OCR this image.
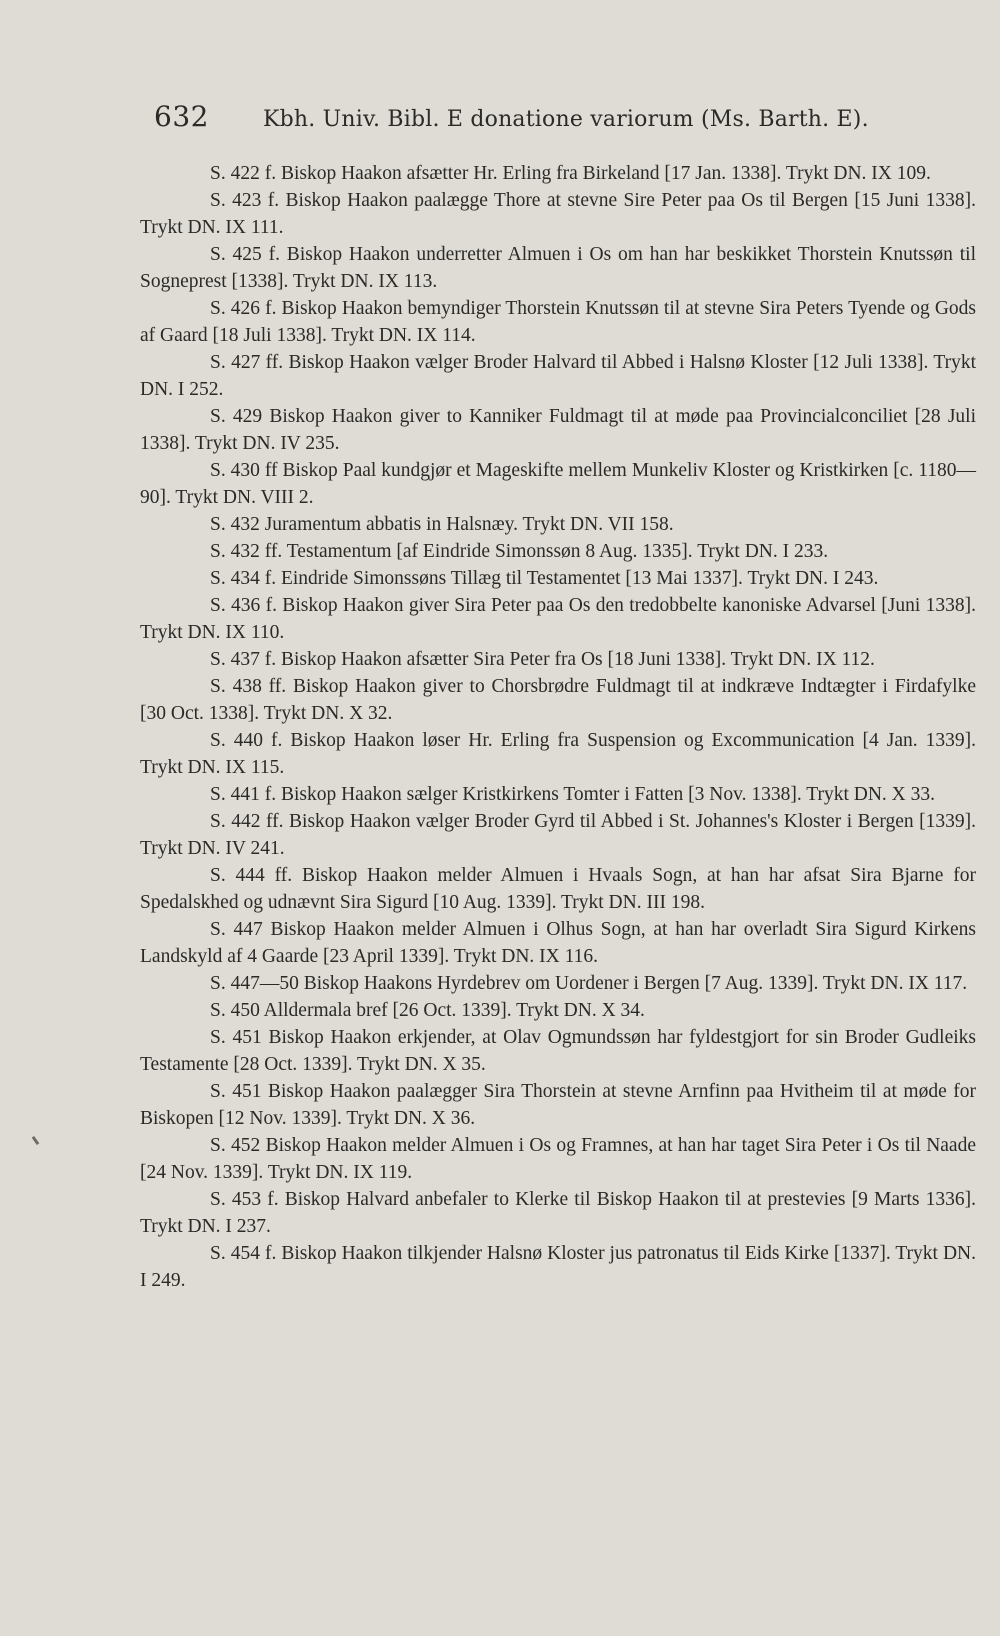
632 Kbh. Univ. Bibl. E donatione variorum (Ms. Barth. E).

S. 422 f. Biskop Haakon afsætter Hr. Erling fra Birkeland [17 Jan. 1338]. Trykt DN. IX 109.

S. 423 f. Biskop Haakon paalægge Thore at stevne Sire Peter paa Os til Bergen [15 Juni 1338]. Trykt DN. IX 111.

S. 425 f. Biskop Haakon underretter Almuen i Os om han har beskikket Thorstein Knutssøn til Sogneprest [1338]. Trykt DN. IX 113.

S. 426 f. Biskop Haakon bemyndiger Thorstein Knutssøn til at stevne Sira Peters Tyende og Gods af Gaard [18 Juli 1338]. Trykt DN. IX 114.

S. 427 ff. Biskop Haakon vælger Broder Halvard til Abbed i Halsnø Kloster [12 Juli 1338]. Trykt DN. I 252.

S. 429 Biskop Haakon giver to Kanniker Fuldmagt til at møde paa Provincialconciliet [28 Juli 1338]. Trykt DN. IV 235.

S. 430 ff Biskop Paal kundgjør et Mageskifte mellem Munkeliv Kloster og Kristkirken [c. 1180—90]. Trykt DN. VIII 2.

S. 432 Juramentum abbatis in Halsnæy. Trykt DN. VII 158.

S. 432 ff. Testamentum [af Eindride Simonssøn 8 Aug. 1335]. Trykt DN. I 233.

S. 434 f. Eindride Simonssøns Tillæg til Testamentet [13 Mai 1337]. Trykt DN. I 243.

S. 436 f. Biskop Haakon giver Sira Peter paa Os den tredobbelte kanoniske Advarsel [Juni 1338]. Trykt DN. IX 110.

S. 437 f. Biskop Haakon afsætter Sira Peter fra Os [18 Juni 1338]. Trykt DN. IX 112.

S. 438 ff. Biskop Haakon giver to Chorsbrødre Fuldmagt til at indkræve Indtægter i Firdafylke [30 Oct. 1338]. Trykt DN. X 32.

S. 440 f. Biskop Haakon løser Hr. Erling fra Suspension og Excommunication [4 Jan. 1339]. Trykt DN. IX 115.

S. 441 f. Biskop Haakon sælger Kristkirkens Tomter i Fatten [3 Nov. 1338]. Trykt DN. X 33.

S. 442 ff. Biskop Haakon vælger Broder Gyrd til Abbed i St. Johannes's Kloster i Bergen [1339]. Trykt DN. IV 241.

S. 444 ff. Biskop Haakon melder Almuen i Hvaals Sogn, at han har afsat Sira Bjarne for Spedalskhed og udnævnt Sira Sigurd [10 Aug. 1339]. Trykt DN. III 198.

S. 447 Biskop Haakon melder Almuen i Olhus Sogn, at han har overladt Sira Sigurd Kirkens Landskyld af 4 Gaarde [23 April 1339]. Trykt DN. IX 116.

S. 447—50 Biskop Haakons Hyrdebrev om Uordener i Bergen [7 Aug. 1339]. Trykt DN. IX 117.

S. 450 Alldermala bref [26 Oct. 1339]. Trykt DN. X 34.

S. 451 Biskop Haakon erkjender, at Olav Ogmundssøn har fyldestgjort for sin Broder Gudleiks Testamente [28 Oct. 1339]. Trykt DN. X 35.

S. 451 Biskop Haakon paalægger Sira Thorstein at stevne Arnfinn paa Hvitheim til at møde for Biskopen [12 Nov. 1339]. Trykt DN. X 36.

S. 452 Biskop Haakon melder Almuen i Os og Framnes, at han har taget Sira Peter i Os til Naade [24 Nov. 1339]. Trykt DN. IX 119.

S. 453 f. Biskop Halvard anbefaler to Klerke til Biskop Haakon til at prestevies [9 Marts 1336]. Trykt DN. I 237.

S. 454 f. Biskop Haakon tilkjender Halsnø Kloster jus patronatus til Eids Kirke [1337]. Trykt DN. I 249.
